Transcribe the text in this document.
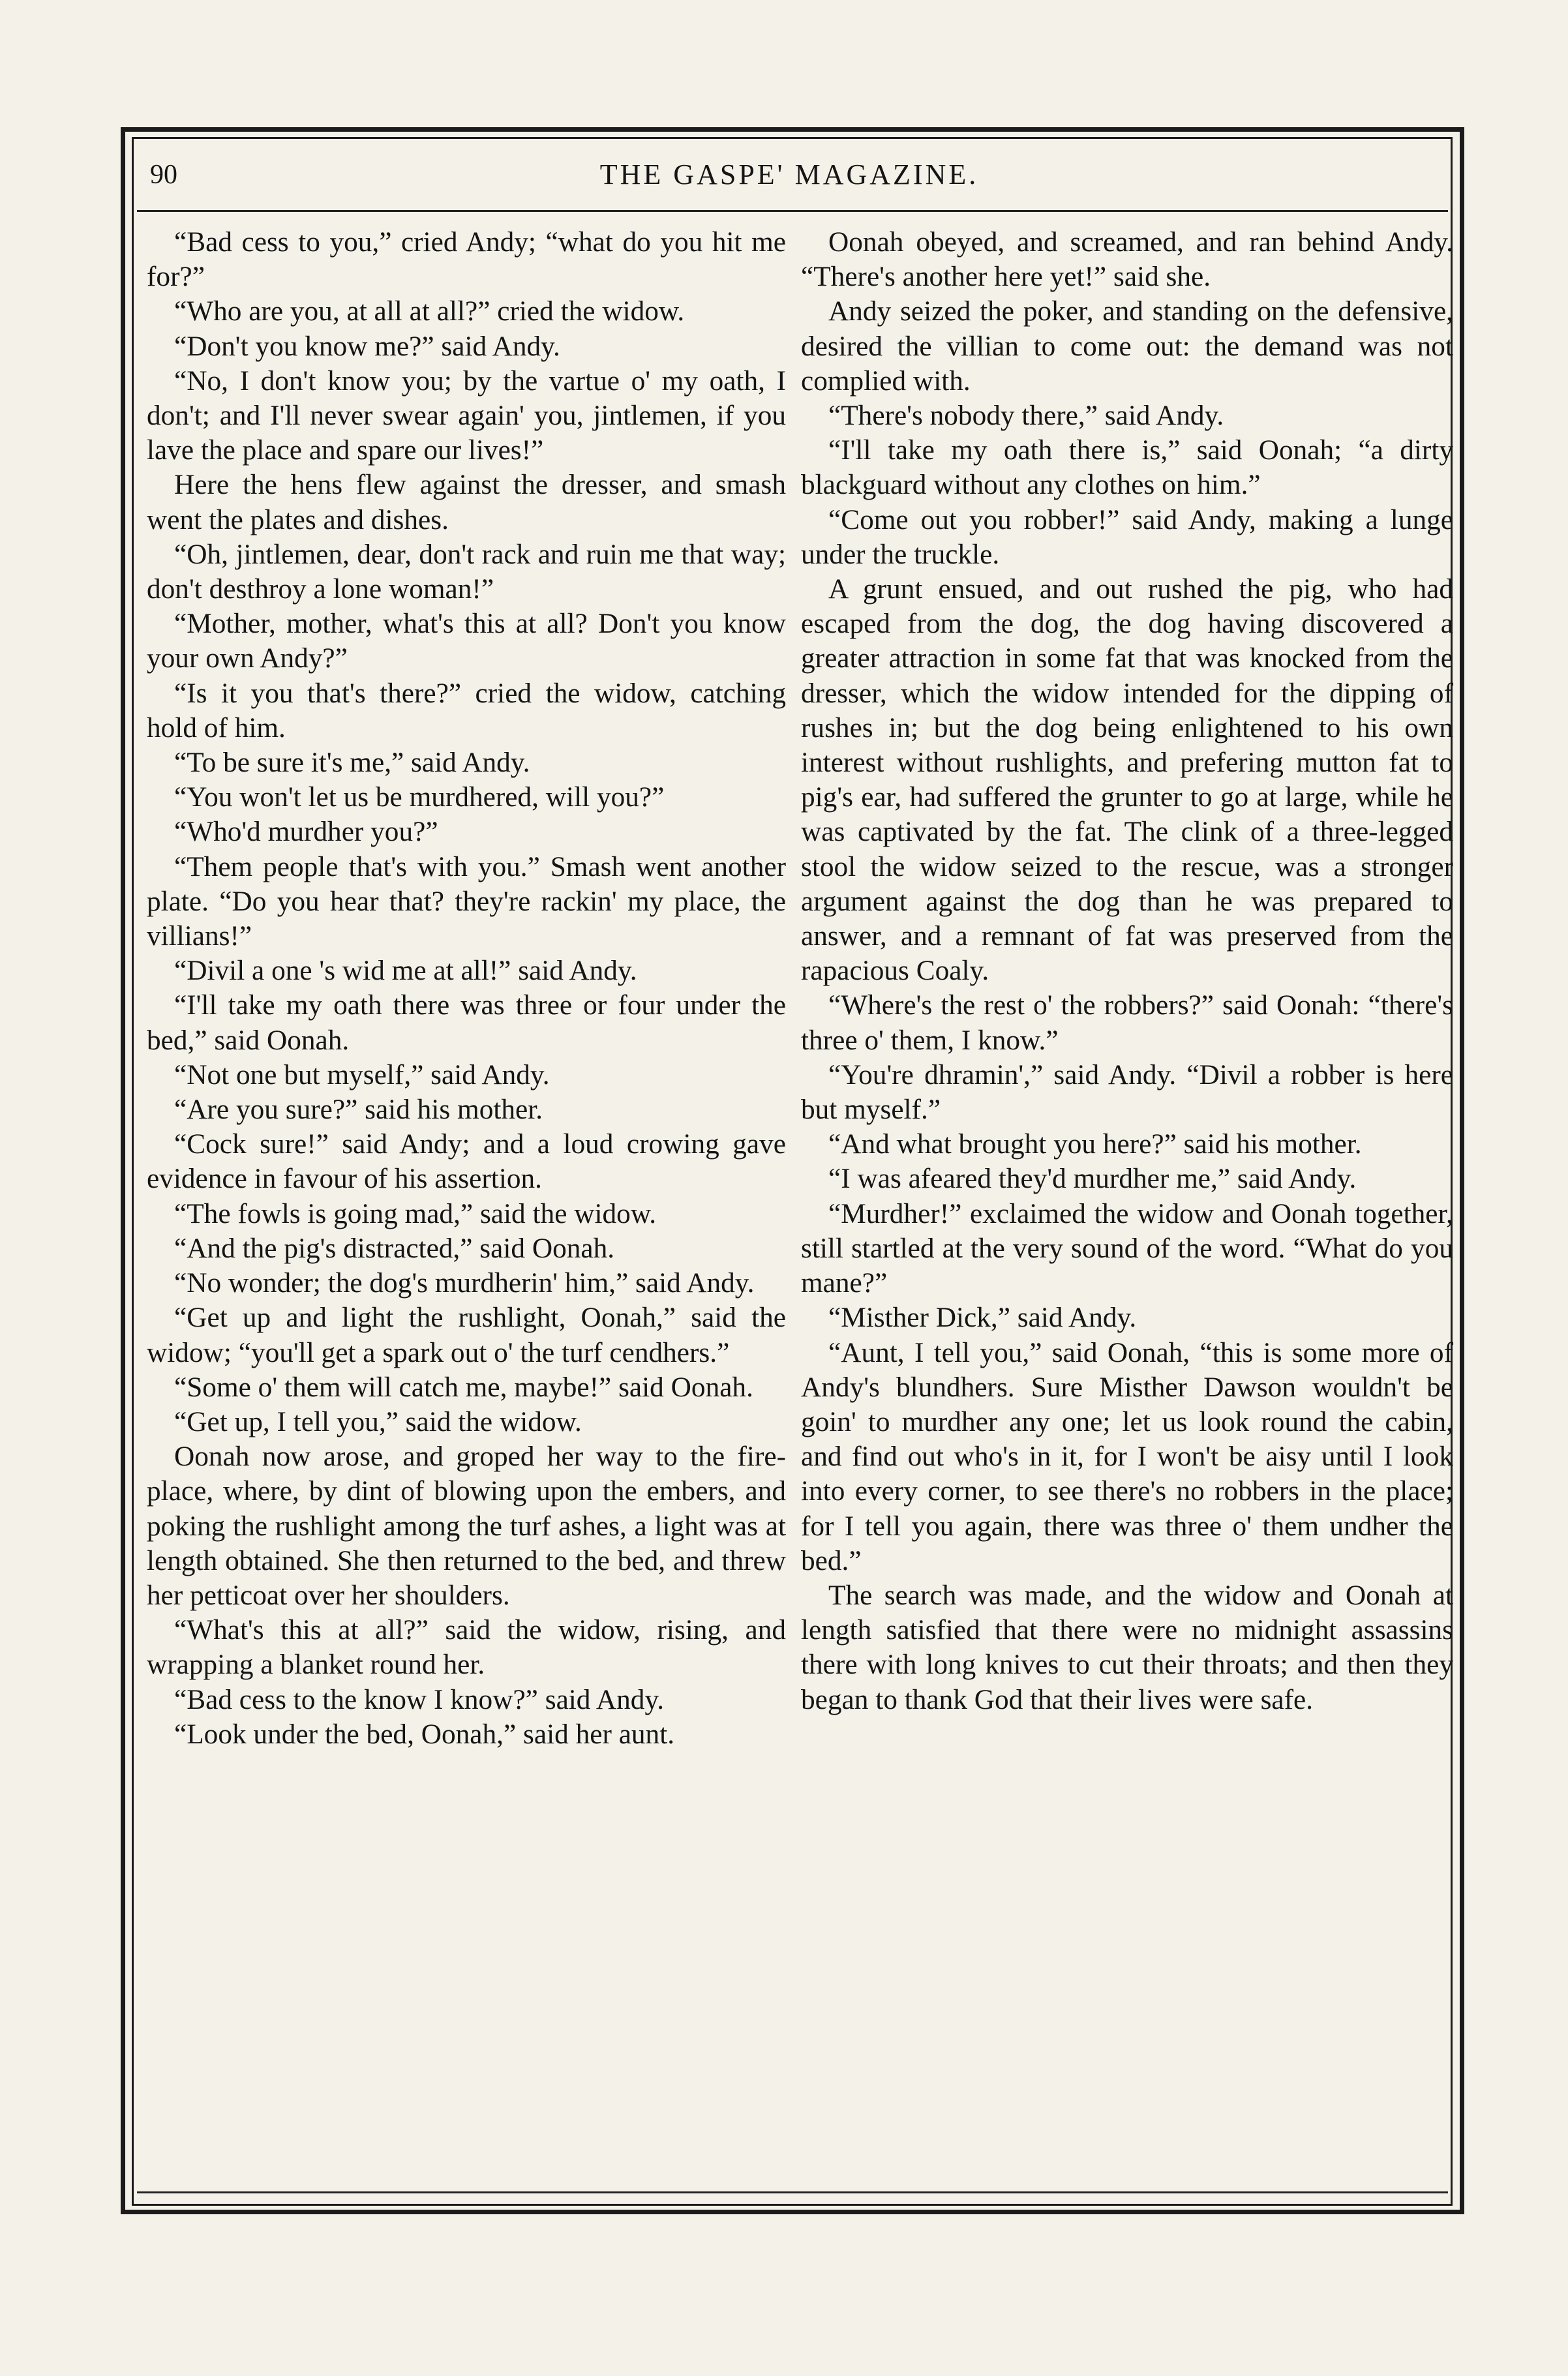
90	THE GASPE' MAGAZINE.

“Bad cess to you,” cried Andy; “what do you hit me for?”

“Who are you, at all at all?” cried the widow.

“Don't you know me?” said Andy.

“No, I don't know you; by the vartue o' my oath, I don't; and I'll never swear again' you, jintlemen, if you lave the place and spare our lives!”

Here the hens flew against the dresser, and smash went the plates and dishes.

“Oh, jintlemen, dear, don't rack and ruin me that way; don't desthroy a lone woman!”

“Mother, mother, what's this at all? Don't you know your own Andy?”

“Is it you that's there?” cried the widow, catching hold of him.

“To be sure it's me,” said Andy.

“You won't let us be murdhered, will you?”

“Who'd murdher you?”

“Them people that's with you.” Smash went another plate. “Do you hear that? they're rackin' my place, the villians!”

“Divil a one 's wid me at all!” said Andy.

“I'll take my oath there was three or four under the bed,” said Oonah.

“Not one but myself,” said Andy.

“Are you sure?” said his mother.

“Cock sure!” said Andy; and a loud crowing gave evidence in favour of his assertion.

“The fowls is going mad,” said the widow.

“And the pig's distracted,” said Oonah.

“No wonder; the dog's murdherin' him,” said Andy.

“Get up and light the rushlight, Oonah,” said the widow; “you'll get a spark out o' the turf cendhers.”

“Some o' them will catch me, maybe!” said Oonah.

“Get up, I tell you,” said the widow.

Oonah now arose, and groped her way to the fire-place, where, by dint of blowing upon the embers, and poking the rushlight among the turf ashes, a light was at length obtained. She then returned to the bed, and threw her petticoat over her shoulders.

“What's this at all?” said the widow, rising, and wrapping a blanket round her.

“Bad cess to the know I know?” said Andy.

“Look under the bed, Oonah,” said her aunt.

Oonah obeyed, and screamed, and ran behind Andy. “There's another here yet!” said she.

Andy seized the poker, and standing on the defensive, desired the villian to come out: the demand was not complied with.

“There's nobody there,” said Andy.

“I'll take my oath there is,” said Oonah; “a dirty blackguard without any clothes on him.”

“Come out you robber!” said Andy, making a lunge under the truckle.

A grunt ensued, and out rushed the pig, who had escaped from the dog, the dog having discovered a greater attraction in some fat that was knocked from the dresser, which the widow intended for the dipping of rushes in; but the dog being enlightened to his own interest without rushlights, and prefering mutton fat to pig's ear, had suffered the grunter to go at large, while he was captivated by the fat. The clink of a three-legged stool the widow seized to the rescue, was a stronger argument against the dog than he was prepared to answer, and a remnant of fat was preserved from the rapacious Coaly.

“Where's the rest o' the robbers?” said Oonah: “there's three o' them, I know.”

“You're dhramin',” said Andy. “Divil a robber is here but myself.”

“And what brought you here?” said his mother.

“I was afeared they'd murdher me,” said Andy.

“Murdher!” exclaimed the widow and Oonah together, still startled at the very sound of the word. “What do you mane?”

“Misther Dick,” said Andy.

“Aunt, I tell you,” said Oonah, “this is some more of Andy's blundhers. Sure Misther Dawson wouldn't be goin' to murdher any one; let us look round the cabin, and find out who's in it, for I won't be aisy until I look into every corner, to see there's no robbers in the place; for I tell you again, there was three o' them undher the bed.”

The search was made, and the widow and Oonah at length satisfied that there were no midnight assassins there with long knives to cut their throats; and then they began to thank God that their lives were safe.
